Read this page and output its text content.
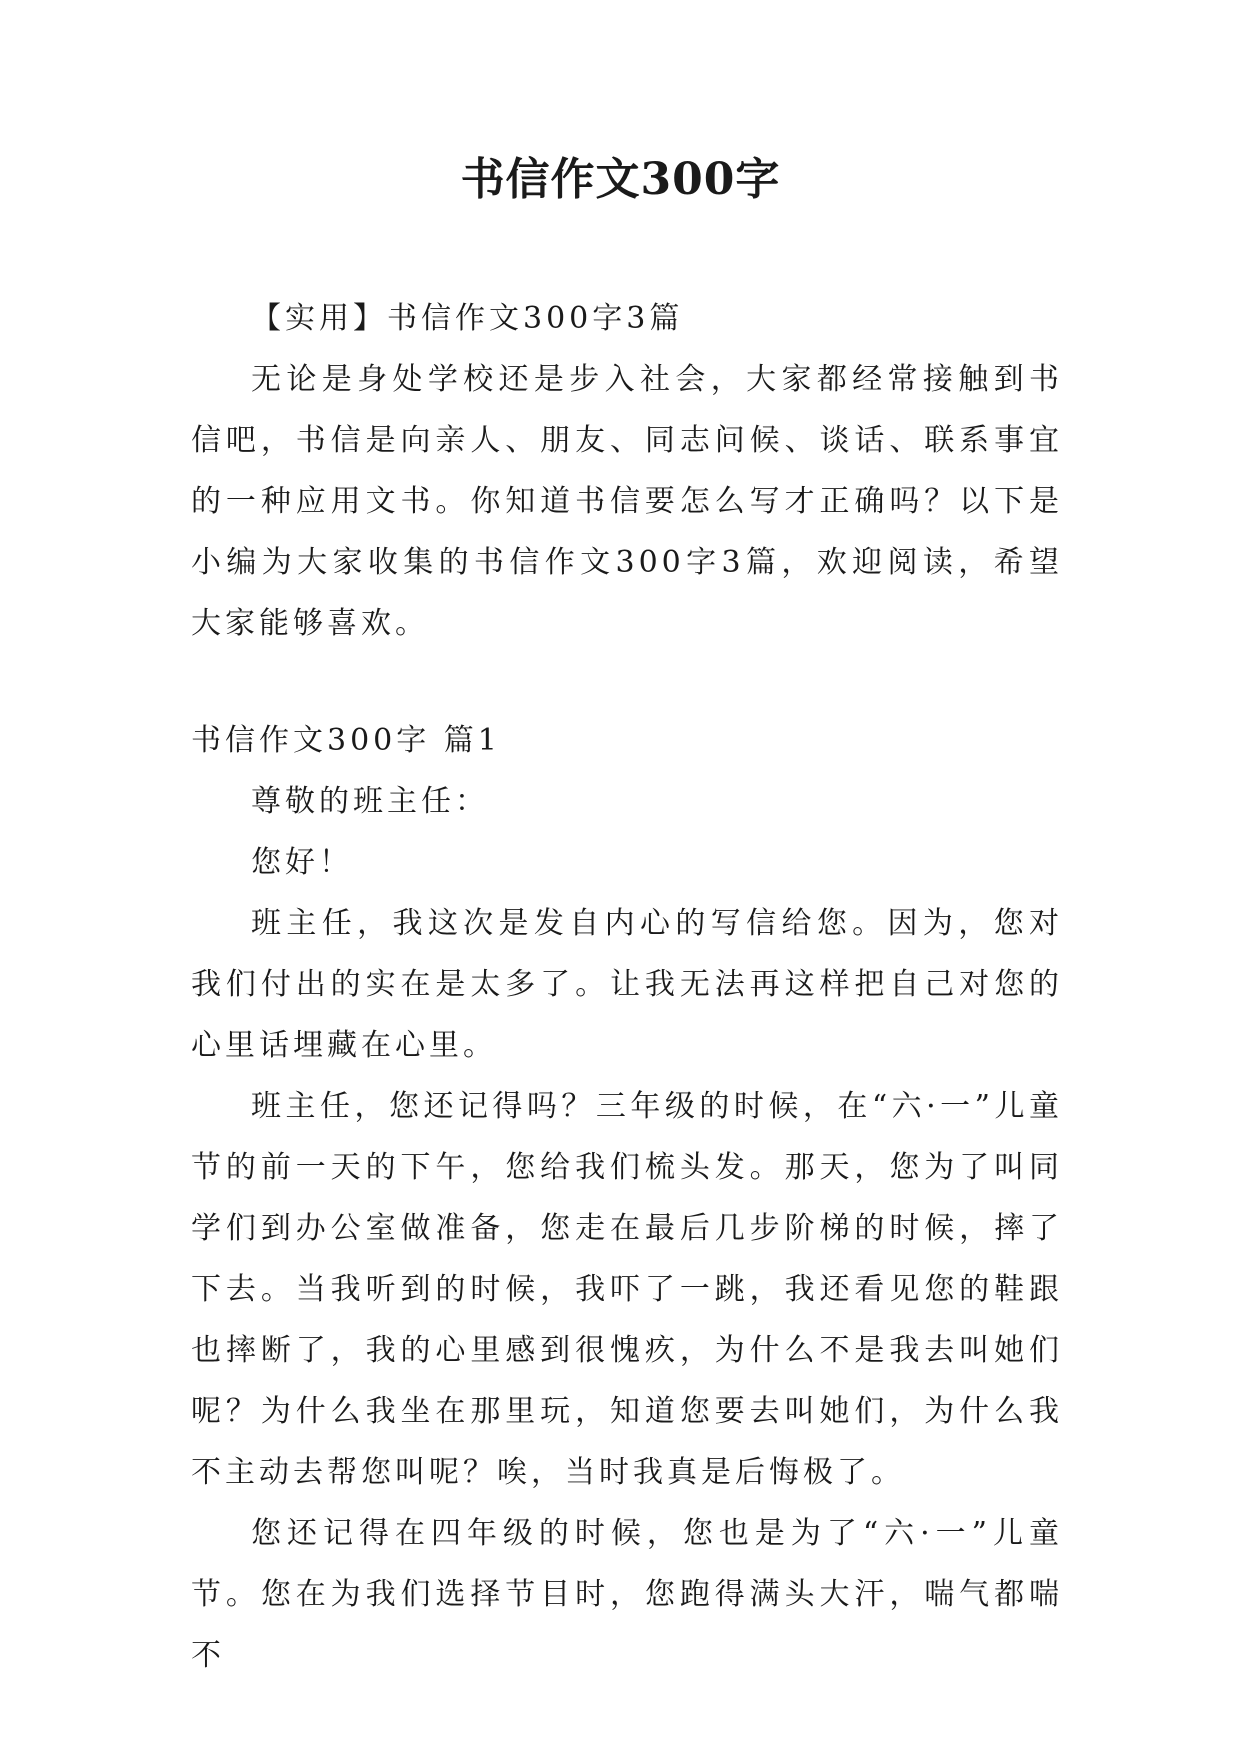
书信作文300字

【实用】书信作文300字3篇

无论是身处学校还是步入社会，大家都经常接触到书信吧，书信是向亲人、朋友、同志问候、谈话、联系事宜的一种应用文书。你知道书信要怎么写才正确吗？以下是小编为大家收集的书信作文300字3篇，欢迎阅读，希望大家能够喜欢。

书信作文300字 篇1

尊敬的班主任：

您好！

班主任，我这次是发自内心的写信给您。因为，您对我们付出的实在是太多了。让我无法再这样把自己对您的心里话埋藏在心里。

班主任，您还记得吗？三年级的时候，在“六·一”儿童节的前一天的下午，您给我们梳头发。那天，您为了叫同学们到办公室做准备，您走在最后几步阶梯的时候，摔了下去。当我听到的时候，我吓了一跳，我还看见您的鞋跟也摔断了，我的心里感到很愧疚，为什么不是我去叫她们呢？为什么我坐在那里玩，知道您要去叫她们，为什么我不主动去帮您叫呢？唉，当时我真是后悔极了。

您还记得在四年级的时候，您也是为了“六·一”儿童节。您在为我们选择节目时，您跑得满头大汗，喘气都喘不
